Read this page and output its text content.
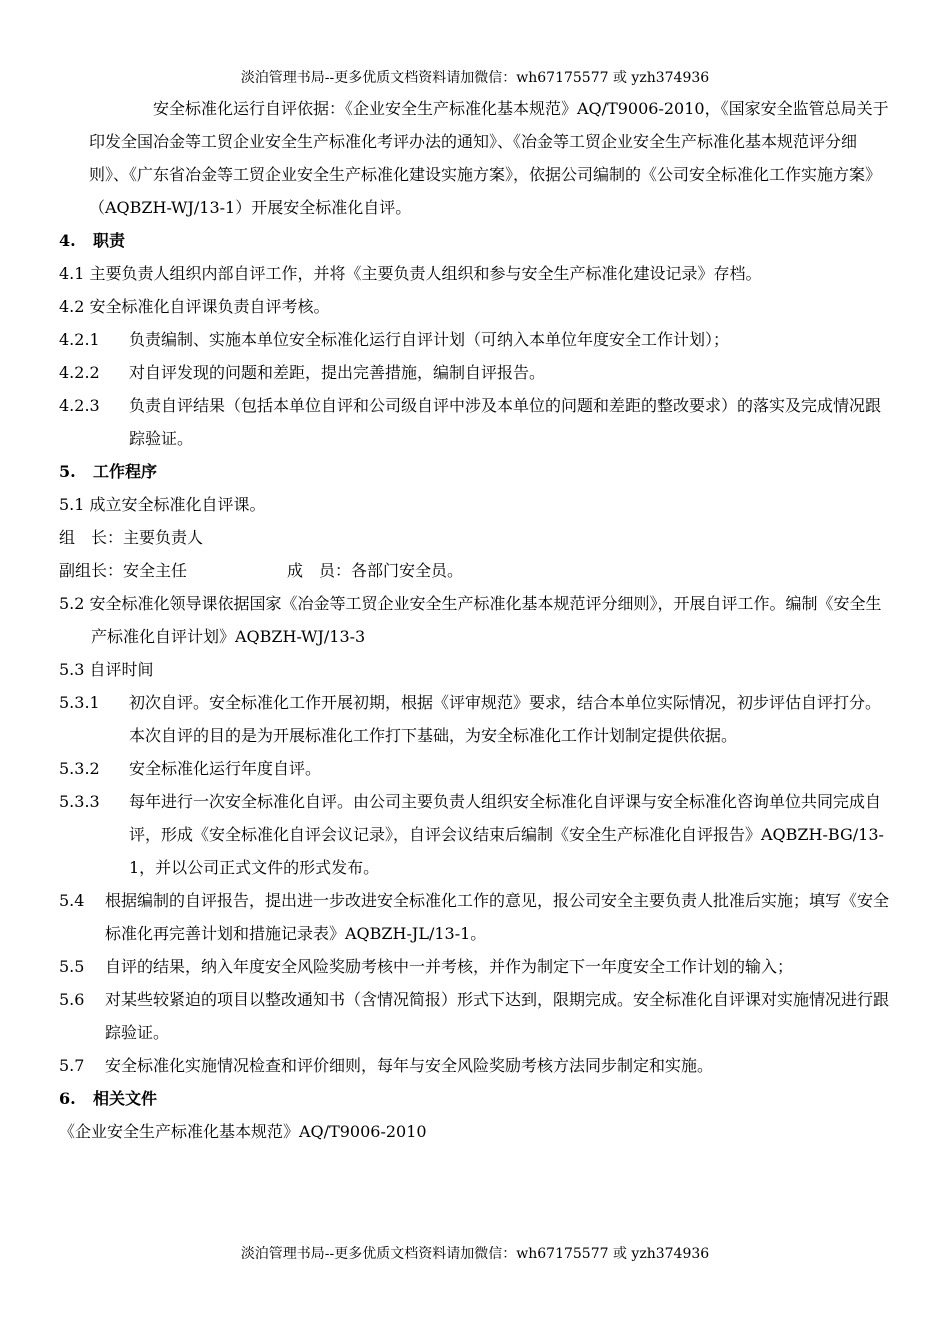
淡泊管理书局--更多优质文档资料请加微信：wh67175577 或 yzh374936

安全标准化运行自评依据：《企业安全生产标准化基本规范》AQ/T9006-2010，《国家安全监管总局关于印发全国冶金等工贸企业安全生产标准化考评办法的通知》、《冶金等工贸企业安全生产标准化基本规范评分细则》、《广东省冶金等工贸企业安全生产标准化建设实施方案》，依据公司编制的《公司安全标准化工作实施方案》（AQBZH-WJ/13-1）开展安全标准化自评。

4. 职责

4.1 主要负责人组织内部自评工作，并将《主要负责人组织和参与安全生产标准化建设记录》存档。

4.2 安全标准化自评课负责自评考核。

4.2.1	负责编制、实施本单位安全标准化运行自评计划（可纳入本单位年度安全工作计划）；
4.2.2	对自评发现的问题和差距，提出完善措施，编制自评报告。
4.2.3	负责自评结果（包括本单位自评和公司级自评中涉及本单位的问题和差距的整改要求）的落实及完成情况跟踪验证。

5. 工作程序

5.1 成立安全标准化自评课。

组　长：主要负责人

副组长：安全主任	成　员：各部门安全员。

5.2 安全标准化领导课依据国家《冶金等工贸企业安全生产标准化基本规范评分细则》，开展自评工作。编制《安全生产标准化自评计划》AQBZH-WJ/13-3

5.3 自评时间

5.3.1	初次自评。安全标准化工作开展初期，根据《评审规范》要求，结合本单位实际情况，初步评估自评打分。本次自评的目的是为开展标准化工作打下基础，为安全标准化工作计划制定提供依据。
5.3.2	安全标准化运行年度自评。
5.3.3	每年进行一次安全标准化自评。由公司主要负责人组织安全标准化自评课与安全标准化咨询单位共同完成自评，形成《安全标准化自评会议记录》，自评会议结束后编制《安全生产标准化自评报告》AQBZH-BG/13-1，并以公司正式文件的形式发布。
5.4	根据编制的自评报告，提出进一步改进安全标准化工作的意见，报公司安全主要负责人批准后实施；填写《安全标准化再完善计划和措施记录表》AQBZH-JL/13-1。
5.5	自评的结果，纳入年度安全风险奖励考核中一并考核，并作为制定下一年度安全工作计划的输入；
5.6	对某些较紧迫的项目以整改通知书（含情况简报）形式下达到，限期完成。安全标准化自评课对实施情况进行跟踪验证。
5.7	安全标准化实施情况检查和评价细则，每年与安全风险奖励考核方法同步制定和实施。

6. 相关文件

《企业安全生产标准化基本规范》AQ/T9006-2010

淡泊管理书局--更多优质文档资料请加微信：wh67175577 或 yzh374936
